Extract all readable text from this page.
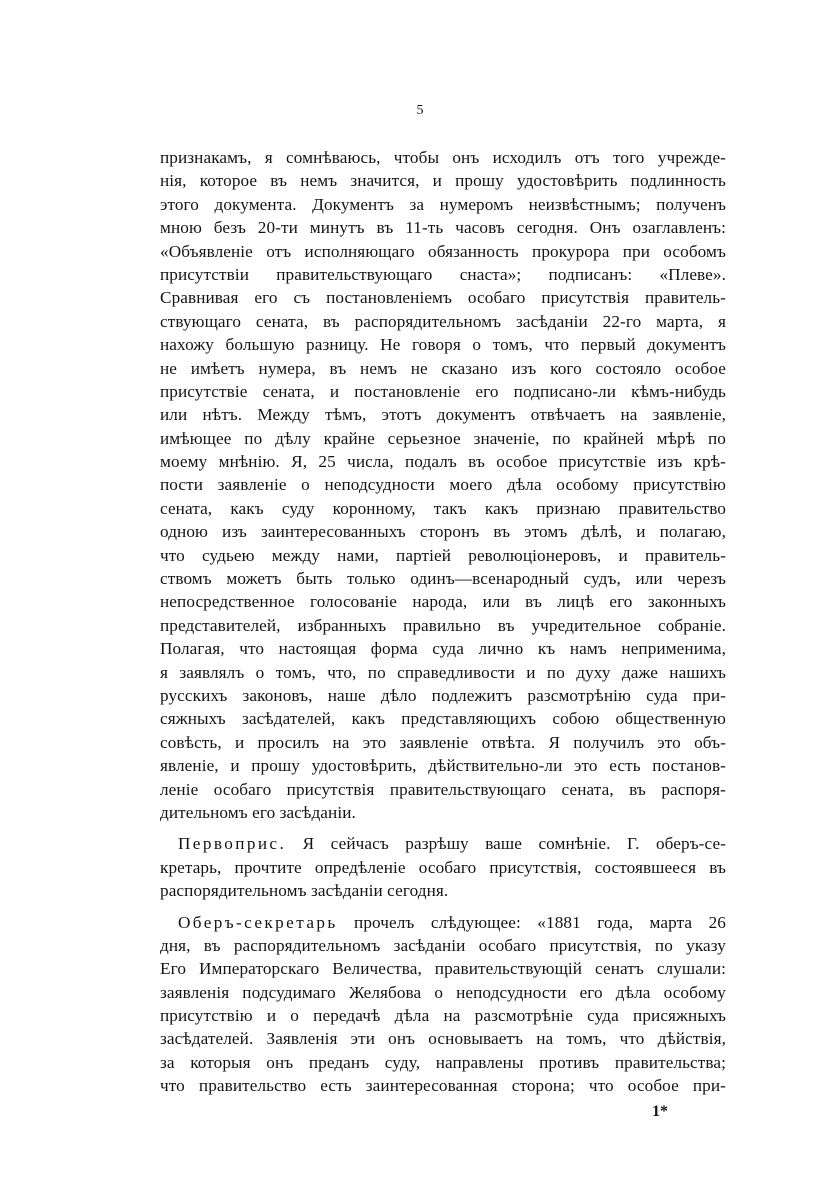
5
признакамъ, я сомнѣваюсь, чтобы онъ исходилъ отъ того учрежде-
нія, которое въ немъ значится, и прошу удостовѣрить подлинность
этого документа. Документъ за нумеромъ неизвѣстнымъ; полученъ
мною безъ 20-ти минутъ въ 11-ть часовъ сегодня. Онъ озаглавленъ:
«Объявленіе отъ исполняющаго обязанность прокурора при особомъ
присутствіи правительствующаго снаста»; подписанъ: «Плеве».
Сравнивая его съ постановленіемъ особаго присутствія правитель-
ствующаго сената, въ распорядительномъ засѣданіи 22-го марта, я
нахожу большую разницу. Не говоря о томъ, что первый документъ
не имѣетъ нумера, въ немъ не сказано изъ кого состояло особое
присутствіе сената, и постановленіе его подписано-ли кѣмъ-нибудь
или нѣтъ. Между тѣмъ, этотъ документъ отвѣчаетъ на заявленіе,
имѣющее по дѣлу крайне серьезное значеніе, по крайней мѣрѣ по
моему мнѣнію. Я, 25 числа, подалъ въ особое присутствіе изъ крѣ-
пости заявленіе о неподсудности моего дѣла особому присутствію
сената, какъ суду коронному, такъ какъ признаю правительство
одною изъ заинтересованныхъ сторонъ въ этомъ дѣлѣ, и полагаю,
что судьею между нами, партіей революціонеровъ, и правитель-
ствомъ можетъ быть только одинъ—всенародный судъ, или черезъ
непосредственное голосованіе народа, или въ лицѣ его законныхъ
представителей, избранныхъ правильно въ учредительное собраніе.
Полагая, что настоящая форма суда лично къ намъ неприменима,
я заявлялъ о томъ, что, по справедливости и по духу даже нашихъ
русскихъ законовъ, наше дѣло подлежитъ разсмотрѣнію суда при-
сяжныхъ засѣдателей, какъ представляющихъ собою общественную
совѣсть, и просилъ на это заявленіе отвѣта. Я получилъ это объ-
явленіе, и прошу удостовѣрить, дѣйствительно-ли это есть постанов-
леніе особаго присутствія правительствующаго сената, въ распоря-
дительномъ его засѣданіи.
Первоприс. Я сейчасъ разрѣшу ваше сомнѣніе. Г. оберъ-се-
кретарь, прочтите опредѣленіе особаго присутствія, состоявшееся въ
распорядительномъ засѣданіи сегодня.
Оберъ-секретарь прочелъ слѣдующее: «1881 года, марта 26
дня, въ распорядительномъ засѣданіи особаго присутствія, по указу
Его Императорскаго Величества, правительствующій сенатъ слушали:
заявленія подсудимаго Желябова о неподсудности его дѣла особому
присутствію и о передачѣ дѣла на разсмотрѣніе суда присяжныхъ
засѣдателей. Заявленія эти онъ основываетъ на томъ, что дѣйствія,
за которыя онъ преданъ суду, направлены противъ правительства;
что правительство есть заинтересованная сторона; что особое при-
1*
